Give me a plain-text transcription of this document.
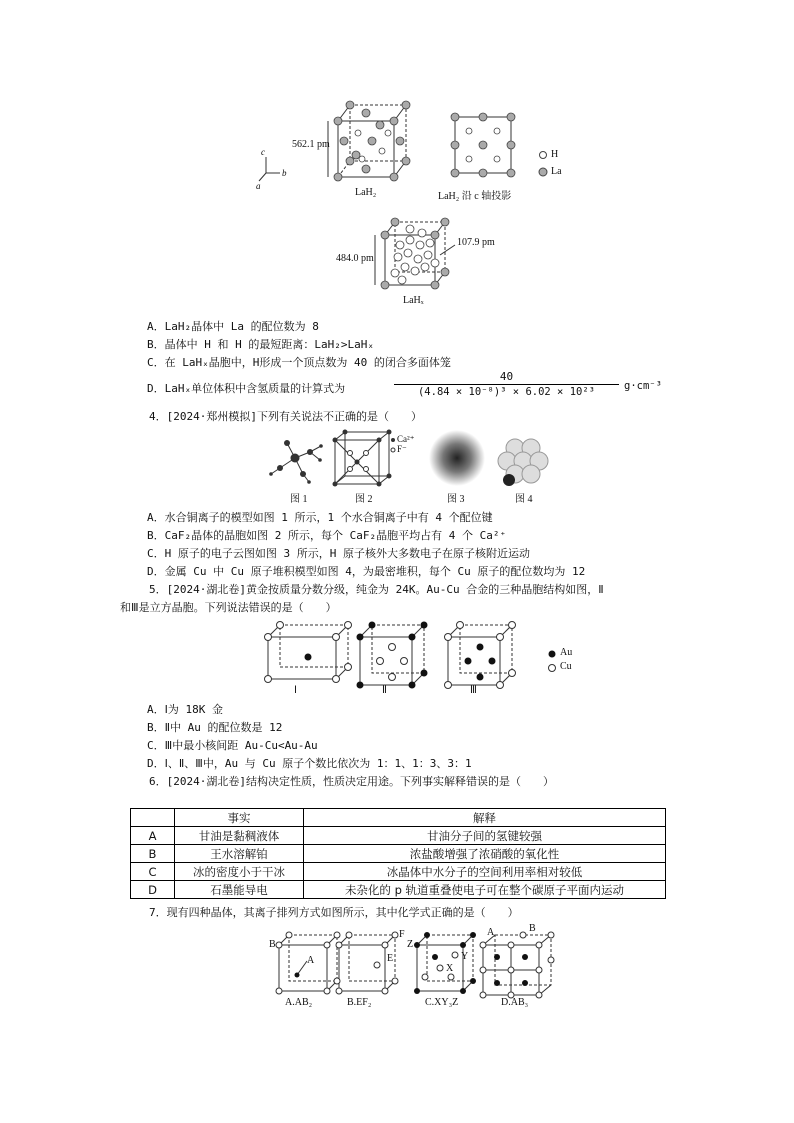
562.1 pm
c
b
a
LaH₂	LaH₂ 沿 c 轴投影
H
La
484.0 pm
107.9 pm
LaHₓ
A．LaH₂晶体中 La 的配位数为 8
B．晶体中 H 和 H 的最短距离：LaH₂>LaHₓ
C．在 LaHₓ晶胞中，H形成一个顶点数为 40 的闭合多面体笼
D．LaHₓ单位体积中含氢质量的计算式为
40
(4.84 × 10⁻⁸)³ × 6.02 × 10²³	g·cm⁻³
4．[2024·郑州模拟]下列有关说法不正确的是（　　）
Ca²⁺
F⁻
图 1	图 2	图 3	图 4
A．水合铜离子的模型如图 1 所示，1 个水合铜离子中有 4 个配位键
B．CaF₂晶体的晶胞如图 2 所示，每个 CaF₂晶胞平均占有 4 个 Ca²⁺
C．H 原子的电子云图如图 3 所示，H 原子核外大多数电子在原子核附近运动
D．金属 Cu 中 Cu 原子堆积模型如图 4，为最密堆积，每个 Cu 原子的配位数均为 12
5．[2024·湖北卷]黄金按质量分数分级，纯金为 24K。Au-Cu 合金的三种晶胞结构如图，Ⅱ
和Ⅲ是立方晶胞。下列说法错误的是（　　）
Au
Cu
Ⅰ	Ⅱ	Ⅲ
A．Ⅰ为 18K 金
B．Ⅱ中 Au 的配位数是 12
C．Ⅲ中最小核间距 Au-Cu<Au-Au
D．Ⅰ、Ⅱ、Ⅲ中，Au 与 Cu 原子个数比依次为 1：1、1：3、3：1
6．[2024·湖北卷]结构决定性质，性质决定用途。下列事实解释错误的是（　　）
	事实	解释
A	甘油是黏稠液体	甘油分子间的氢键较强
B	王水溶解铂	浓盐酸增强了浓硝酸的氧化性
C	冰的密度小于干冰	冰晶体中水分子的空间利用率相对较低
D	石墨能导电	未杂化的 p 轨道重叠使电子可在整个碳原子平面内运动
7．现有四种晶体，其离子排列方式如图所示，其中化学式正确的是（　　）
B
A
F
E
Z
Y
X
A	B
A.AB₂	B.EF₂	C.XY₃Z	D.AB₃
